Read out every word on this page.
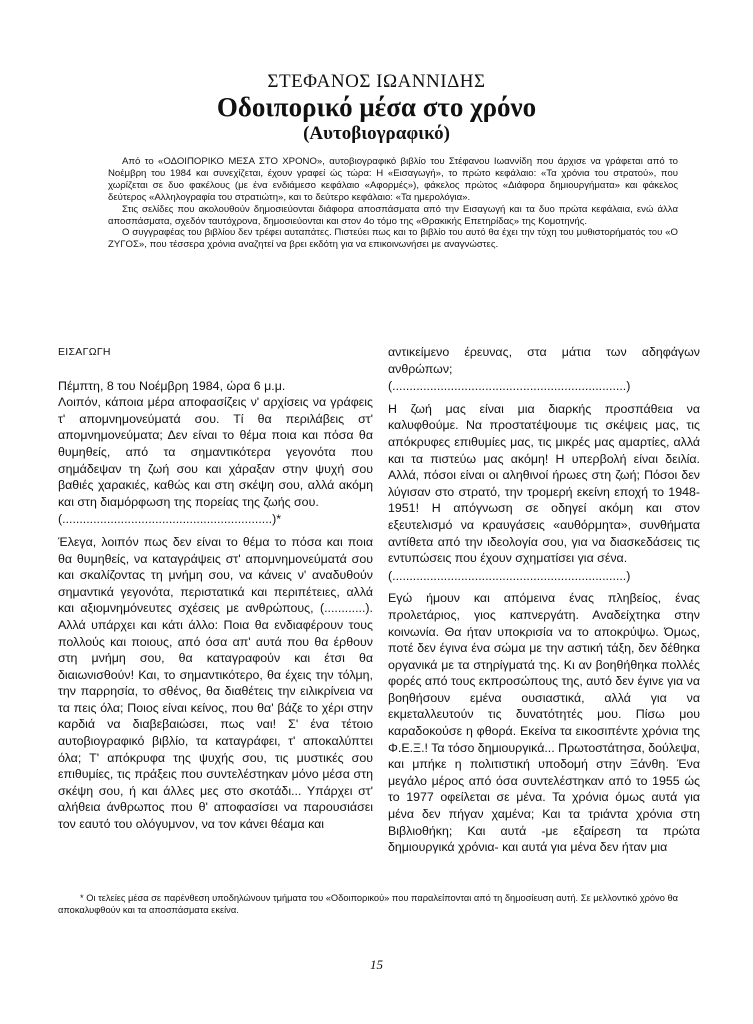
ΣΤΕΦΑΝΟΣ ΙΩΑΝΝΙΔΗΣ
Οδοιπορικό μέσα στο χρόνο
(Αυτοβιογραφικό)

Από το «ΟΔΟΙΠΟΡΙΚΟ ΜΕΣΑ ΣΤΟ ΧΡΟΝΟ», αυτοβιογραφικό βιβλίο του Στέφανου Ιωαννίδη που άρχισε να γράφεται από το Νοέμβρη του 1984 και συνεχίζεται, έχουν γραφεί ώς τώρα: Η «Εισαγωγή», το πρώτο κεφάλαιο: «Τα χρόνια του στρατού», που χωρίζεται σε δυο φακέλους (με ένα ενδιάμεσο κεφάλαιο «Αφορμές»), φάκελος πρώτος «Διάφορα δημιουργήματα» και φάκελος δεύτερος «Αλληλογραφία του στρατιώτη», και το δεύτερο κεφάλαιο: «Τα ημερολόγια».

Στις σελίδες που ακολουθούν δημοσιεύονται διάφορα αποσπάσματα από την Εισαγωγή και τα δυο πρώτα κεφάλαια, ενώ άλλα αποσπάσματα, σχεδόν ταυτόχρονα, δημοσιεύονται και στον 4ο τόμο της «Θρακικής Επετηρίδας» της Κομοτηνής.

Ο συγγραφέας του βιβλίου δεν τρέφει αυταπάτες. Πιστεύει πως και το βιβλίο του αυτό θα έχει την τύχη του μυθιστορήματός του «Ο ΖΥΓΟΣ», που τέσσερα χρόνια αναζητεί να βρει εκδότη για να επικοινωνήσει με αναγνώστες.

ΕΙΣΑΓΩΓΗ

Πέμπτη, 8 του Νοέμβρη 1984, ώρα 6 μ.μ.

Λοιπόν, κάποια μέρα αποφασίζεις ν' αρχίσεις να γράφεις τ' απομνημονεύματά σου. Τί θα περιλάβεις στ' απομνημονεύματα; Δεν είναι το θέμα ποια και πόσα θα θυμηθείς, από τα σημαντικότερα γεγονότα που σημάδεψαν τη ζωή σου και χάραξαν στην ψυχή σου βαθιές χαρακιές, καθώς και στη σκέψη σου, αλλά ακόμη και στη διαμόρφωση της πορείας της ζωής σου.

(.............................................................)*

Έλεγα, λοιπόν πως δεν είναι το θέμα το πόσα και ποια θα θυμηθείς, να καταγράψεις στ' απομνημονεύματά σου και σκαλίζοντας τη μνήμη σου, να κάνεις ν' αναδυθούν σημαντικά γεγονότα, περιστατικά και περιπέτειες, αλλά και αξιομνημόνευτες σχέσεις με ανθρώπους, (............). Αλλά υπάρχει και κάτι άλλο: Ποια θα ενδιαφέρουν τους πολλούς και ποιους, από όσα απ' αυτά που θα έρθουν στη μνήμη σου, θα καταγραφούν και έτσι θα διαιωνισθούν! Και, το σημαντικότερο, θα έχεις την τόλμη, την παρρησία, το σθένος, θα διαθέτεις την ειλικρίνεια να τα πεις όλα; Ποιος είναι κείνος, που θα' βάζε το χέρι στην καρδιά να διαβεβαιώσει, πως ναι! Σ' ένα τέτοιο αυτοβιογραφικό βιβλίο, τα καταγράφει, τ' αποκαλύπτει όλα; Τ' απόκρυφα της ψυχής σου, τις μυστικές σου επιθυμίες, τις πράξεις που συντελέστηκαν μόνο μέσα στη σκέψη σου, ή και άλλες μες στο σκοτάδι... Υπάρχει στ' αλήθεια άνθρωπος που θ' αποφασίσει να παρουσιάσει τον εαυτό του ολόγυμνον, να τον κάνει θέαμα και

αντικείμενο έρευνας, στα μάτια των αδηφάγων ανθρώπων;

(....................................................................)

Η ζωή μας είναι μια διαρκής προσπάθεια να καλυφθούμε. Να προστατέψουμε τις σκέψεις μας, τις απόκρυφες επιθυμίες μας, τις μικρές μας αμαρτίες, αλλά και τα πιστεύω μας ακόμη! Η υπερβολή είναι δειλία. Αλλά, πόσοι είναι οι αληθινοί ήρωες στη ζωή; Πόσοι δεν λύγισαν στο στρατό, την τρομερή εκείνη εποχή το 1948-1951! Η απόγνωση σε οδηγεί ακόμη και στον εξευτελισμό να κραυγάσεις «αυθόρμητα», συνθήματα αντίθετα από την ιδεολογία σου, για να διασκεδάσεις τις εντυπώσεις που έχουν σχηματίσει για σένα.

(....................................................................)

Εγώ ήμουν και απόμεινα ένας πληβείος, ένας προλετάριος, γιος καπνεργάτη. Αναδείχτηκα στην κοινωνία. Θα ήταν υποκρισία να το αποκρύψω. Όμως, ποτέ δεν έγινα ένα σώμα με την αστική τάξη, δεν δέθηκα οργανικά με τα στηρίγματά της. Κι αν βοηθήθηκα πολλές φορές από τους εκπροσώπους της, αυτό δεν έγινε για να βοηθήσουν εμένα ουσιαστικά, αλλά για να εκμεταλλευτούν τις δυνατότητές μου. Πίσω μου καραδοκούσε η φθορά. Εκείνα τα εικοσιπέντε χρόνια της Φ.Ε.Ξ.! Τα τόσο δημιουργικά... Πρωτοστάτησα, δούλεψα, και μπήκε η πολιτιστική υποδομή στην Ξάνθη. Ένα μεγάλο μέρος από όσα συντελέστηκαν από το 1955 ώς το 1977 οφείλεται σε μένα. Τα χρόνια όμως αυτά για μένα δεν πήγαν χαμένα; Και τα τριάντα χρόνια στη Βιβλιοθήκη; Και αυτά -με εξαίρεση τα πρώτα δημιουργικά χρόνια- και αυτά για μένα δεν ήταν μια

* Οι τελείες μέσα σε παρένθεση υποδηλώνουν τμήματα του «Οδοιπορικού» που παραλείπονται από τη δημοσίευση αυτή. Σε μελλοντικό χρόνο θα αποκαλυφθούν και τα αποσπάσματα εκείνα.

15
